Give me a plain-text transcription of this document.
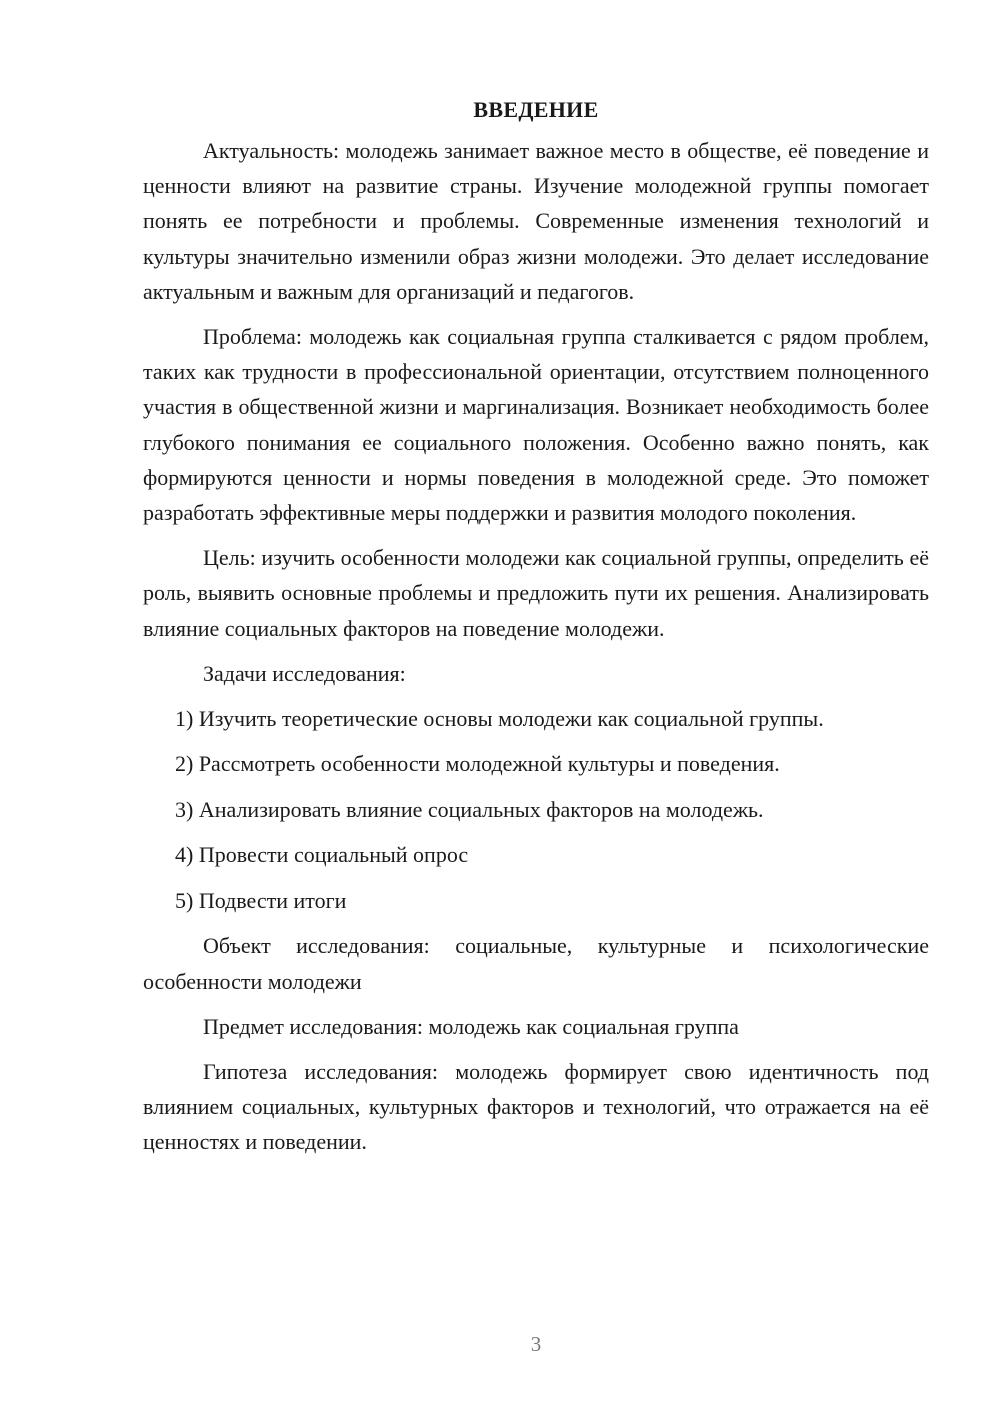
ВВЕДЕНИЕ

Актуальность: молодежь занимает важное место в обществе, её поведение и ценности влияют на развитие страны. Изучение молодежной группы помогает понять ее потребности и проблемы. Современные изменения технологий и культуры значительно изменили образ жизни молодежи. Это делает исследование актуальным и важным для организаций и педагогов.

Проблема: молодежь как социальная группа сталкивается с рядом проблем, таких как трудности в профессиональной ориентации, отсутствием полноценного участия в общественной жизни и маргинализация. Возникает необходимость более глубокого понимания ее социального положения. Особенно важно понять, как формируются ценности и нормы поведения в молодежной среде. Это поможет разработать эффективные меры поддержки и развития молодого поколения.

Цель: изучить особенности молодежи как социальной группы, определить её роль, выявить основные проблемы и предложить пути их решения. Анализировать влияние социальных факторов на поведение молодежи.

Задачи исследования:

1) Изучить теоретические основы молодежи как социальной группы.
2) Рассмотреть особенности молодежной культуры и поведения.
3) Анализировать влияние социальных факторов на молодежь.
4) Провести социальный опрос
5) Подвести итоги

Объект исследования: социальные, культурные и психологические особенности молодежи

Предмет исследования: молодежь как социальная группа

Гипотеза исследования: молодежь формирует свою идентичность под влиянием социальных, культурных факторов и технологий, что отражается на её ценностях и поведении.

3
